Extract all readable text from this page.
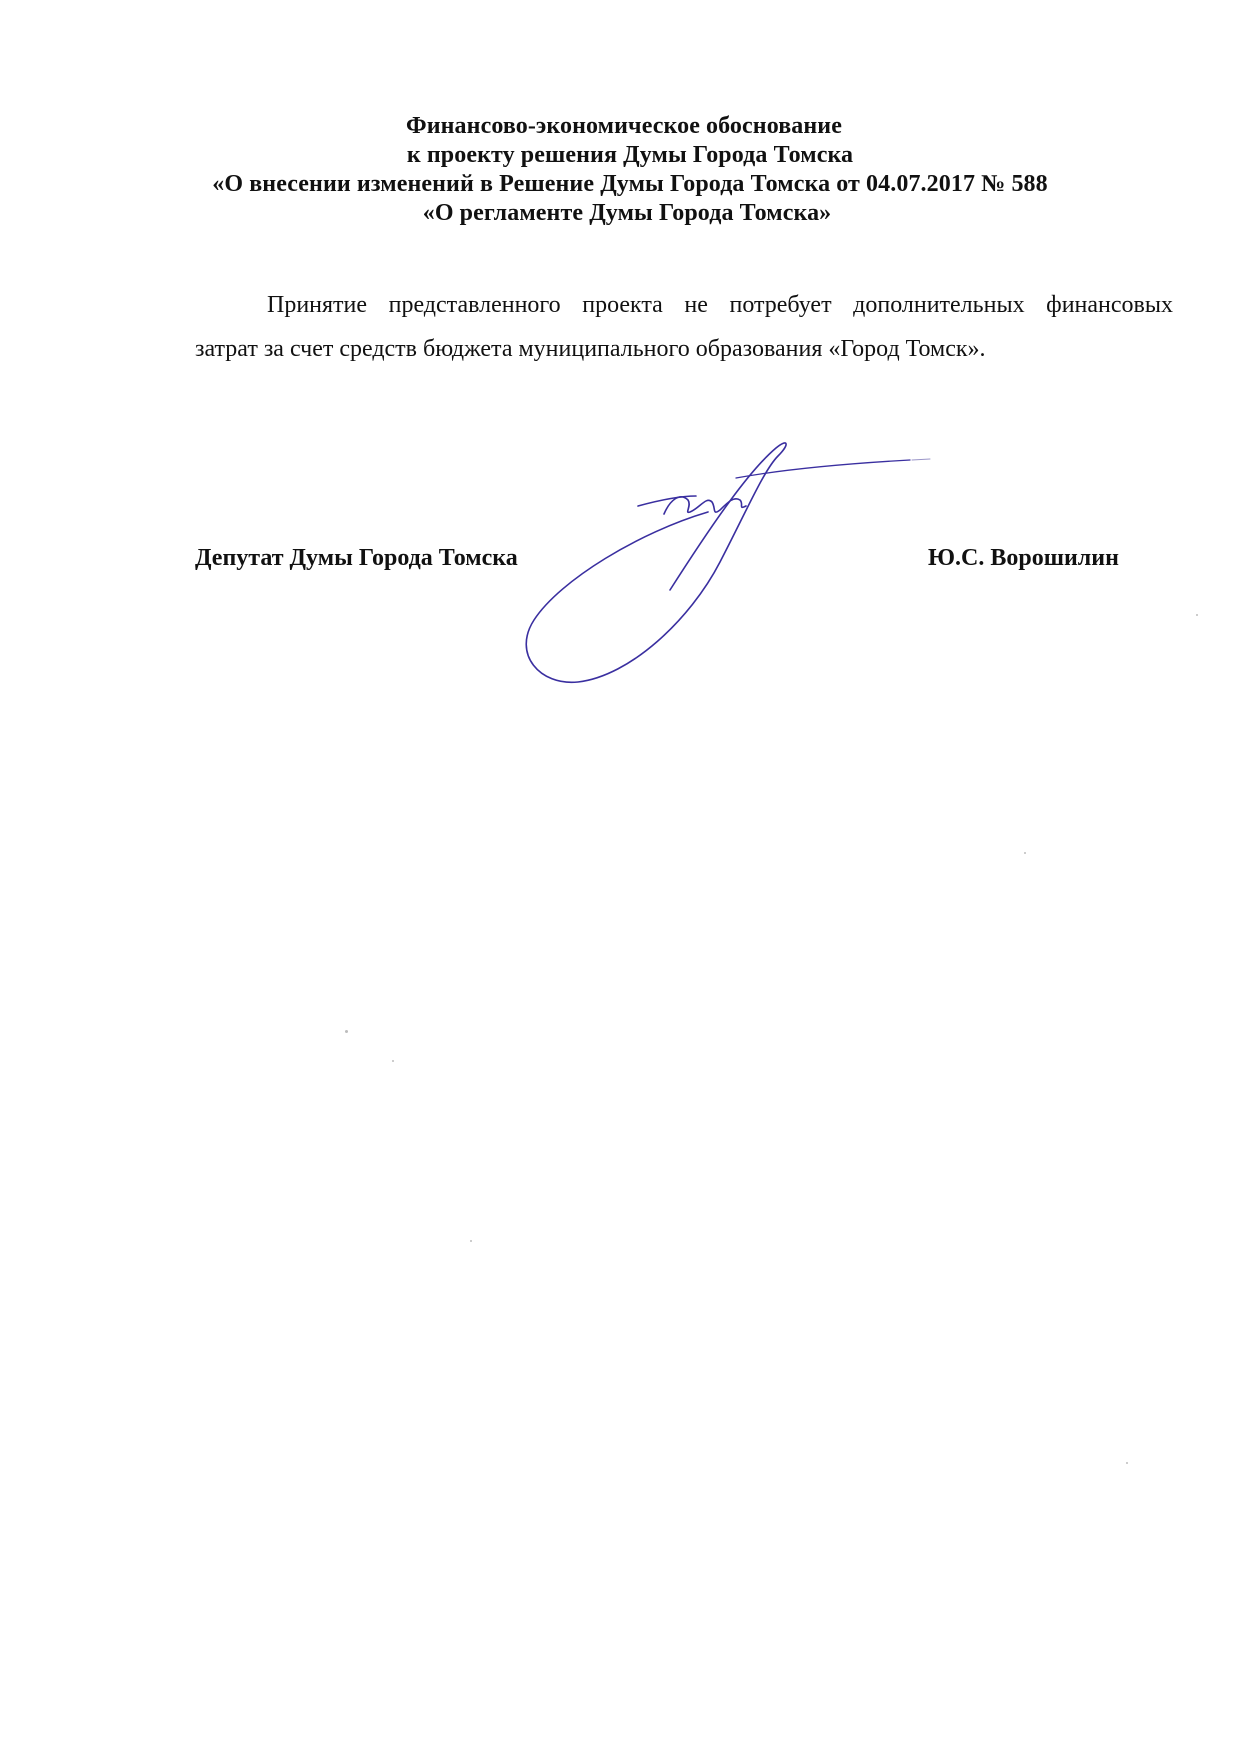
Финансово-экономическое обоснование
к проекту решения Думы Города Томска
«О внесении изменений в Решение Думы Города Томска от 04.07.2017 № 588
«О регламенте Думы Города Томска»
Принятие представленного проекта не потребует дополнительных финансовых
затрат за счет средств бюджета муниципального образования «Город Томск».
Депутат Думы Города Томска	Ю.С. Ворошилин
